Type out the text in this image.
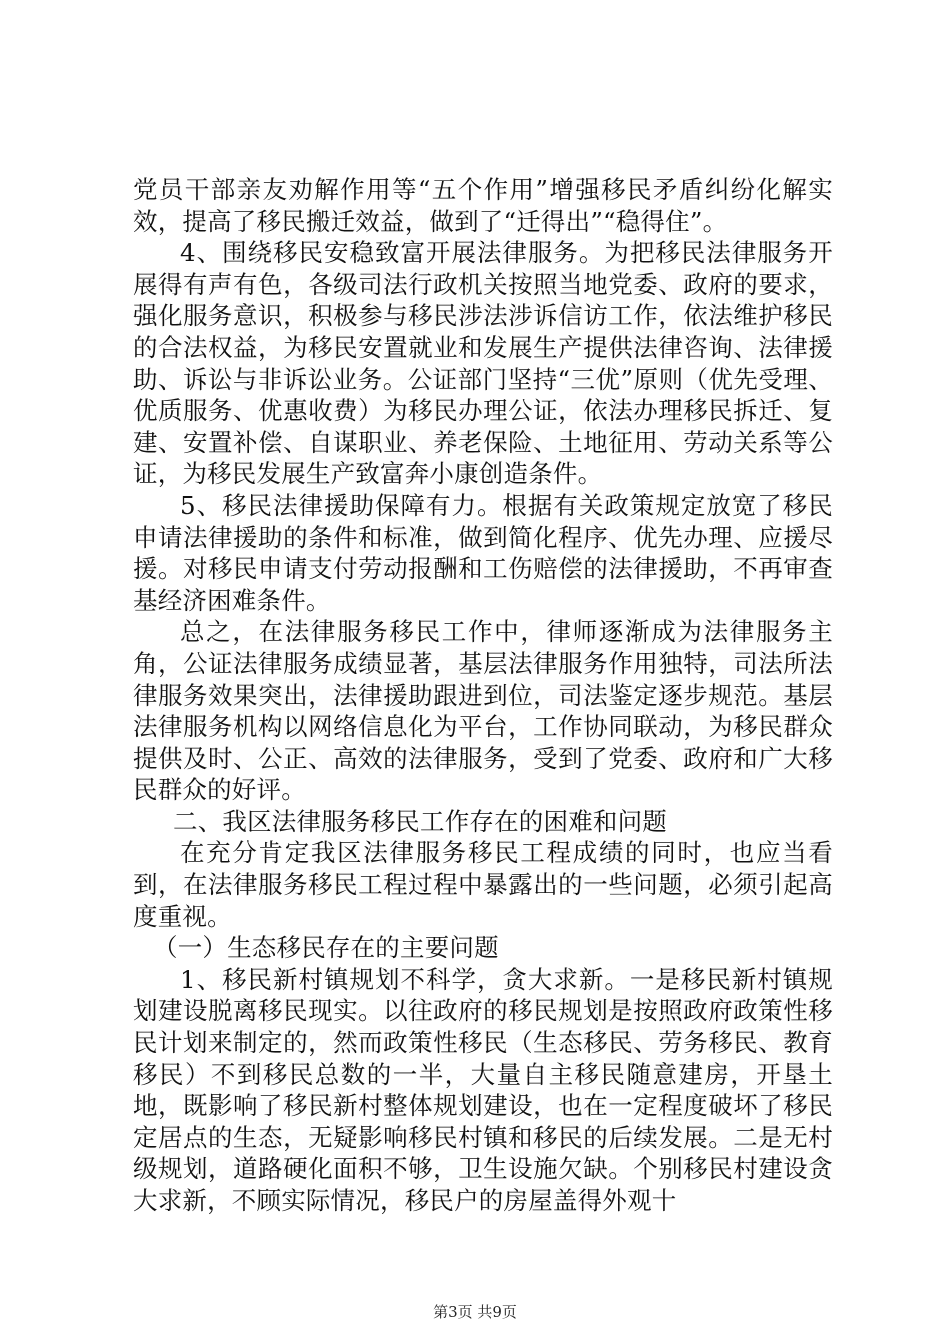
党员干部亲友劝解作用等“五个作用”增强移民矛盾纠纷化解实效，提高了移民搬迁效益，做到了“迁得出”“稳得住”。

4、围绕移民安稳致富开展法律服务。为把移民法律服务开展得有声有色，各级司法行政机关按照当地党委、政府的要求，强化服务意识，积极参与移民涉法涉诉信访工作，依法维护移民的合法权益，为移民安置就业和发展生产提供法律咨询、法律援助、诉讼与非诉讼业务。公证部门坚持“三优”原则（优先受理、优质服务、优惠收费）为移民办理公证，依法办理移民拆迁、复建、安置补偿、自谋职业、养老保险、土地征用、劳动关系等公证，为移民发展生产致富奔小康创造条件。

5、移民法律援助保障有力。根据有关政策规定放宽了移民申请法律援助的条件和标准，做到简化程序、优先办理、应援尽援。对移民申请支付劳动报酬和工伤赔偿的法律援助，不再审查基经济困难条件。

总之，在法律服务移民工作中，律师逐渐成为法律服务主角，公证法律服务成绩显著，基层法律服务作用独特，司法所法律服务效果突出，法律援助跟进到位，司法鉴定逐步规范。基层法律服务机构以网络信息化为平台，工作协同联动，为移民群众提供及时、公正、高效的法律服务，受到了党委、政府和广大移民群众的好评。

二、我区法律服务移民工作存在的困难和问题

在充分肯定我区法律服务移民工程成绩的同时，也应当看到，在法律服务移民工程过程中暴露出的一些问题，必须引起高度重视。

（一）生态移民存在的主要问题

1、移民新村镇规划不科学，贪大求新。一是移民新村镇规划建设脱离移民现实。以往政府的移民规划是按照政府政策性移民计划来制定的，然而政策性移民（生态移民、劳务移民、教育移民）不到移民总数的一半，大量自主移民随意建房，开垦土地，既影响了移民新村整体规划建设，也在一定程度破坏了移民定居点的生态，无疑影响移民村镇和移民的后续发展。二是无村级规划，道路硬化面积不够，卫生设施欠缺。个别移民村建设贪大求新，不顾实际情况，移民户的房屋盖得外观十

第3页 共9页
